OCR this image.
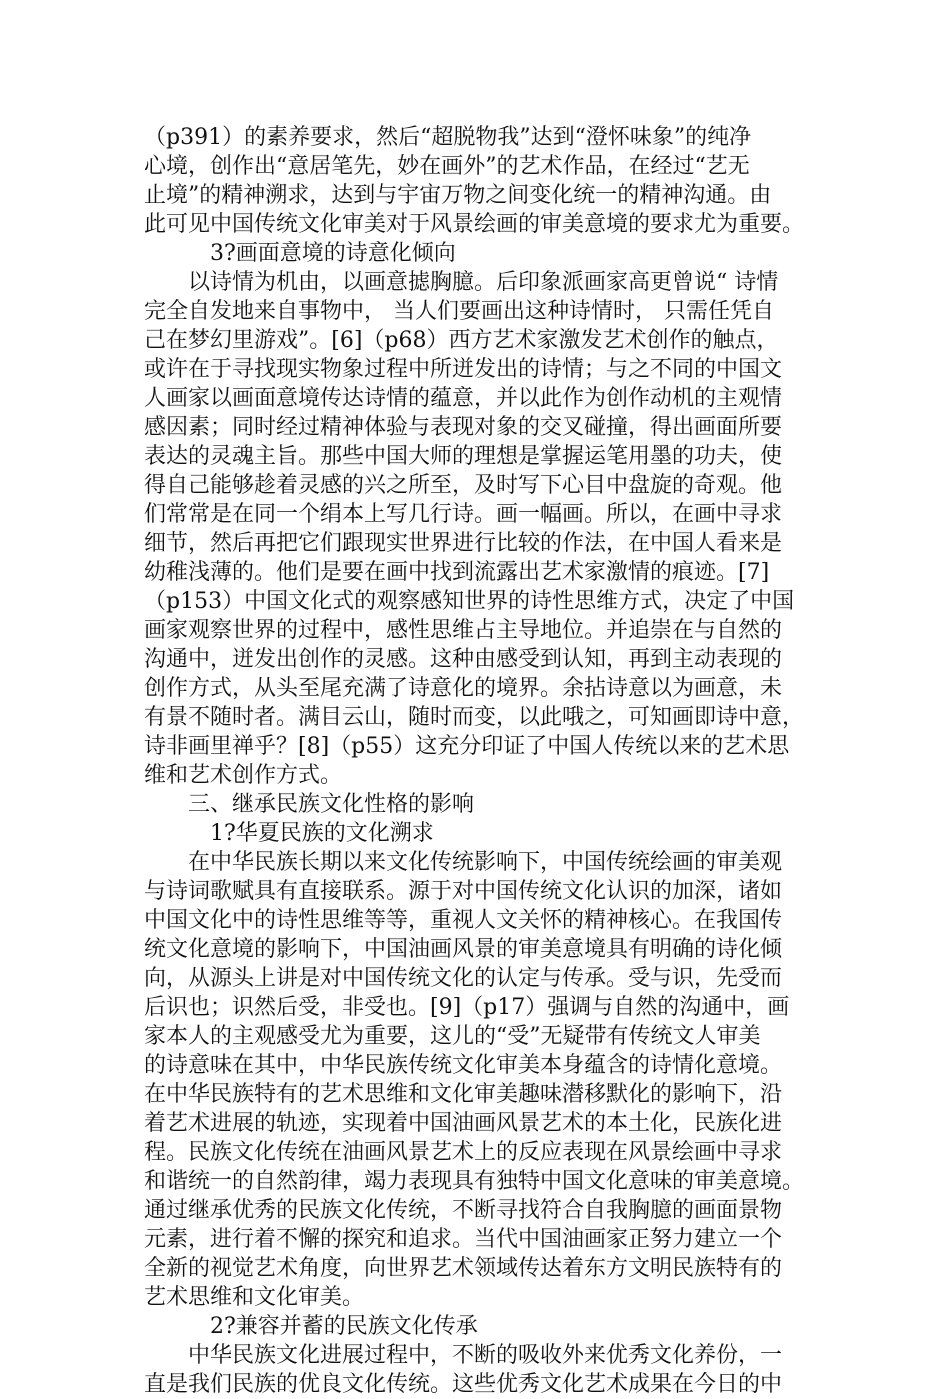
（p391）的素养要求，然后“超脱物我”达到“澄怀味象”的纯净
心境，创作出“意居笔先，妙在画外”的艺术作品，在经过“艺无
止境”的精神溯求，达到与宇宙万物之间变化统一的精神沟通。由
此可见中国传统文化审美对于风景绘画的审美意境的要求尤为重要。
3?画面意境的诗意化倾向
以诗情为机由，以画意摅胸臆。后印象派画家高更曾说“ 诗情
完全自发地来自事物中， 当人们要画出这种诗情时， 只需任凭自
己在梦幻里游戏”。[6]（p68）西方艺术家激发艺术创作的触点，
或许在于寻找现实物象过程中所迸发出的诗情；与之不同的中国文
人画家以画面意境传达诗情的蕴意，并以此作为创作动机的主观情
感因素；同时经过精神体验与表现对象的交叉碰撞，得出画面所要
表达的灵魂主旨。那些中国大师的理想是掌握运笔用墨的功夫，使
得自己能够趁着灵感的兴之所至，及时写下心目中盘旋的奇观。他
们常常是在同一个绢本上写几行诗。画一幅画。所以，在画中寻求
细节，然后再把它们跟现实世界进行比较的作法，在中国人看来是
幼稚浅薄的。他们是要在画中找到流露出艺术家激情的痕迹。[7]
（p153）中国文化式的观察感知世界的诗性思维方式，决定了中国
画家观察世界的过程中，感性思维占主导地位。并追崇在与自然的
沟通中，迸发出创作的灵感。这种由感受到认知，再到主动表现的
创作方式，从头至尾充满了诗意化的境界。余拈诗意以为画意，未
有景不随时者。满目云山，随时而变，以此哦之，可知画即诗中意，
诗非画里禅乎？[8]（p55）这充分印证了中国人传统以来的艺术思
维和艺术创作方式。
三、继承民族文化性格的影响
1?华夏民族的文化溯求
在中华民族长期以来文化传统影响下，中国传统绘画的审美观
与诗词歌赋具有直接联系。源于对中国传统文化认识的加深，诸如
中国文化中的诗性思维等等，重视人文关怀的精神核心。在我国传
统文化意境的影响下，中国油画风景的审美意境具有明确的诗化倾
向，从源头上讲是对中国传统文化的认定与传承。受与识，先受而
后识也；识然后受，非受也。[9]（p17）强调与自然的沟通中，画
家本人的主观感受尤为重要，这儿的“受”无疑带有传统文人审美
的诗意味在其中，中华民族传统文化审美本身蕴含的诗情化意境。
在中华民族特有的艺术思维和文化审美趣味潜移默化的影响下，沿
着艺术进展的轨迹，实现着中国油画风景艺术的本土化，民族化进
程。民族文化传统在油画风景艺术上的反应表现在风景绘画中寻求
和谐统一的自然韵律，竭力表现具有独特中国文化意味的审美意境。
通过继承优秀的民族文化传统，不断寻找符合自我胸臆的画面景物
元素，进行着不懈的探究和追求。当代中国油画家正努力建立一个
全新的视觉艺术角度，向世界艺术领域传达着东方文明民族特有的
艺术思维和文化审美。
2?兼容并蓄的民族文化传承
中华民族文化进展过程中，不断的吸收外来优秀文化养份，一
直是我们民族的优良文化传统。这些优秀文化艺术成果在今日的中
